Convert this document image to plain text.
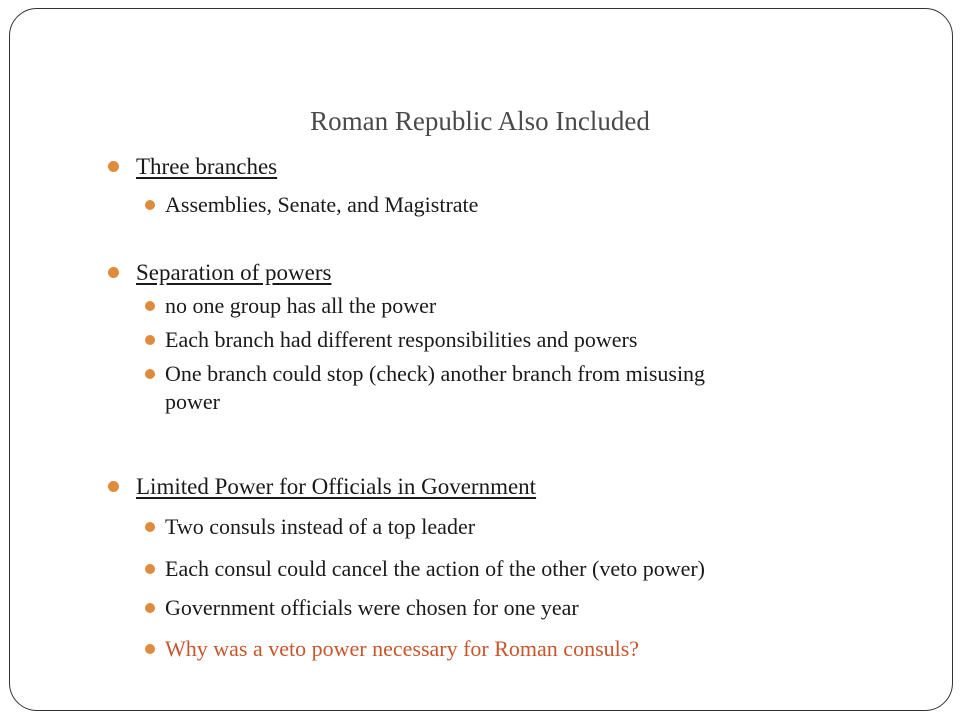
Roman Republic Also Included
Three branches
Assemblies, Senate, and Magistrate
Separation of powers
no one group has all the power
Each branch had different responsibilities and powers
One branch could stop (check) another branch from misusing
power
Limited Power for Officials in Government
Two consuls instead of a top leader
Each consul could cancel the action of the other (veto power)
Government officials were chosen for one year
Why was a veto power necessary for Roman consuls?
